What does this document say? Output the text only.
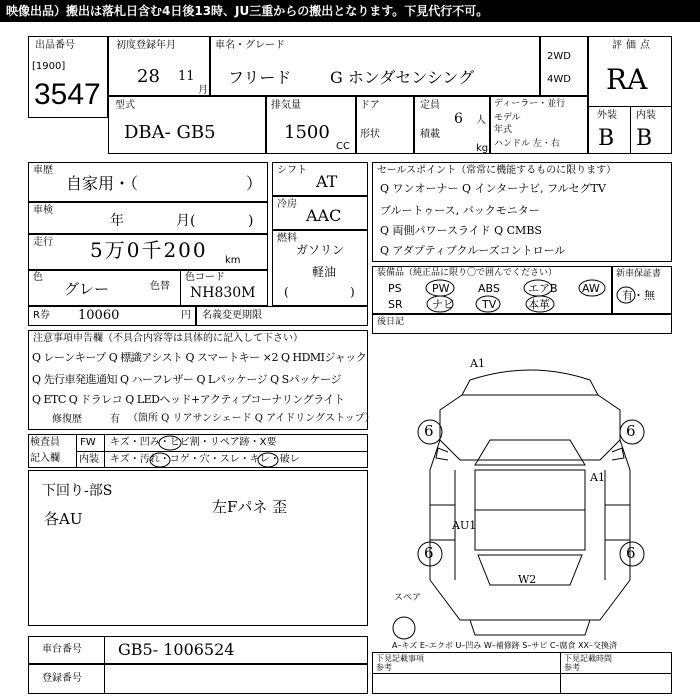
映像出品）搬出は落札日含む4日後13時、JU三重からの搬出となります。下見代行不可。
出品番号
[1900]
3547
初度登録年月
28 11
月
車名・グレード
フリード G ホンダセンシング
2WD
4WD
評価点
RA
外装 内装
B B
型式
DBA- GB5
排気量
1500
CC
ドア
形状
定員
6 人
積載
kg
ディーラー・並行
モデル
年式
ハンドル 左・右
車歴
自家用・（	）
車検
年	月(	)
走行 5万0千200 km
色
グレー	色替
色コード
NH830M
シフト
AT
冷房
AAC
燃料
ガソリン
軽油
(	)
セールスポイント（常常に機能するものに限ります）
Q ワンオーナー Q インターナビ, フルセグTV
ブルートゥース, バックモニター
Q 両側パワースライド Q CMBS
Q アダプティブクルーズコントロール
装備品（純正品に限り〇で囲んでください）
PS	PW	ABS	エアB AW
SR	ナビ	TV	本革
新車保証書
有・無
R券 10060	円 名義変更期限
後日記
注意事項申告欄（不具合内容等は具体的に記入して下さい）
Q レーンキープ Q 標識アシスト Q スマートキー ×2 Q HDMIジャック
Q 先行車発進通知 Q ハーフレザー Q Lパッケージ Q Sパッケージ
Q ETC Q ドラレコ Q LEDヘッド+アクティブコーナリングライト
修復歴	有 （箇所 Q リアサンシェード Q アイドリングストップ）
検査員
記入欄
FW キズ・凹み・ヒビ割・リペア跡・X要
内装 キズ・汚れ・コゲ・穴・スレ・キレ・破レ
下回り-部S
各AU
左Fパネ 歪
A1
A1
AU1
W2
6	6
6	6
スペア
車台番号 GB5- 1006524
登録番号
A–キズ E–エクボ U–凹み W–補修跡 S–サビ C–腐食 XX–交換済
下見記載事項
参考
下見記載時間
参考
